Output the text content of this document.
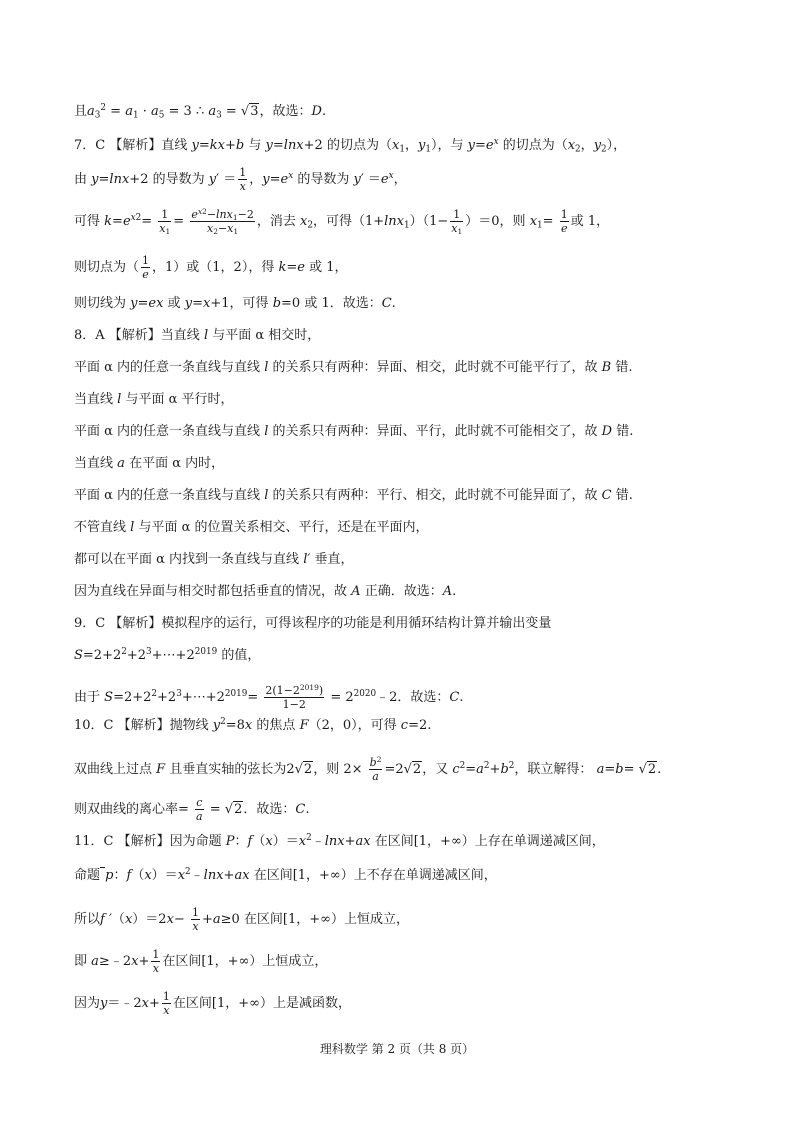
且$a_3^2 = a_1 \cdot a_5 = 3$ ∴ $a_3 = √3$，故选：D.
7．C 【解析】直线 y=kx+b 与 y=lnx+2 的切点为（$x_1$，$y_1$），与 $y=e^x$ 的切点为（$x_2$，$y_2$），
由 y=lnx+2 的导数为 $y' = \frac{1}{x}$ ，$y=e^x$ 的导数为 $y' =e^x$，
可得 $k=e^{x2}= \frac{1}{x_1} = \frac{e^{x2}-\ln x_1-2}{x_2-x_1}$ ，消去 $x_2$，可得$(1+\ln x_1)(1- \frac{1}{x_1} )=0$，则 $x_1= \frac{1}{e}$ 或 1，
则切点为（ $\frac{1}{e}$ ，1）或（1，2），得 k=e 或 1，
则切线为 y=ex 或 y=x+1，可得 b=0 或 1．故选：C.
8．A 【解析】当直线 l 与平面 α 相交时，
平面 α 内的任意一条直线与直线 l 的关系只有两种：异面、相交，此时就不可能平行了，故 B 错.
当直线 l 与平面 α 平行时，
平面 α 内的任意一条直线与直线 l 的关系只有两种：异面、平行，此时就不可能相交了，故 D 错.
当直线 a 在平面 α 内时，
平面 α 内的任意一条直线与直线 l 的关系只有两种：平行、相交，此时就不可能异面了，故 C 错.
不管直线 l 与平面 α 的位置关系相交、平行，还是在平面内，
都可以在平面 α 内找到一条直线与直线 l′ 垂直，
因为直线在异面与相交时都包括垂直的情况，故 A 正确．故选：A.
9．C 【解析】模拟程序的运行，可得该程序的功能是利用循环结构计算并输出变量
$S=2+2^2+2^3+\cdots+2^{2019}$ 的值，
由于 $S=2+2^2+2^3+\cdots+2^{2019}= \frac{2(1-2^{2019})}{1-2}$ = $2^{2020}﹣2$．故选：C.
10．C 【解析】抛物线 $y^2=8x$ 的焦点 F（2，0），可得 c=2.
双曲线上过点 F 且垂直实轴的弦长为2√2，则 $2\times \frac{b^2}{a} =2√2$，又 $c^2=a^2+b^2$，联立解得： a=b= √2.
则双曲线的离心率= $\frac{c}{a} = √2$．故选：C.
11．C 【解析】因为命题 P：$f(x)=x^2﹣\ln x+ax$ 在区间[1，+∞）上存在单调递减区间，
命题 p：$f(x)=x^2﹣\ln x+ax$ 在区间[1，+∞）上不存在单调递减区间，
所以f $'(x)=2x- \frac{1}{x} +a\ge 0$ 在区间[1，+∞）上恒成立，
即 a≥﹣2x+ $\frac{1}{x}$ 在区间[1，+∞）上恒成立，
因为y＝﹣2x+ $\frac{1}{x}$ 在区间[1，+∞）上是减函数，
理科数学 第 2 页（共 8 页）
